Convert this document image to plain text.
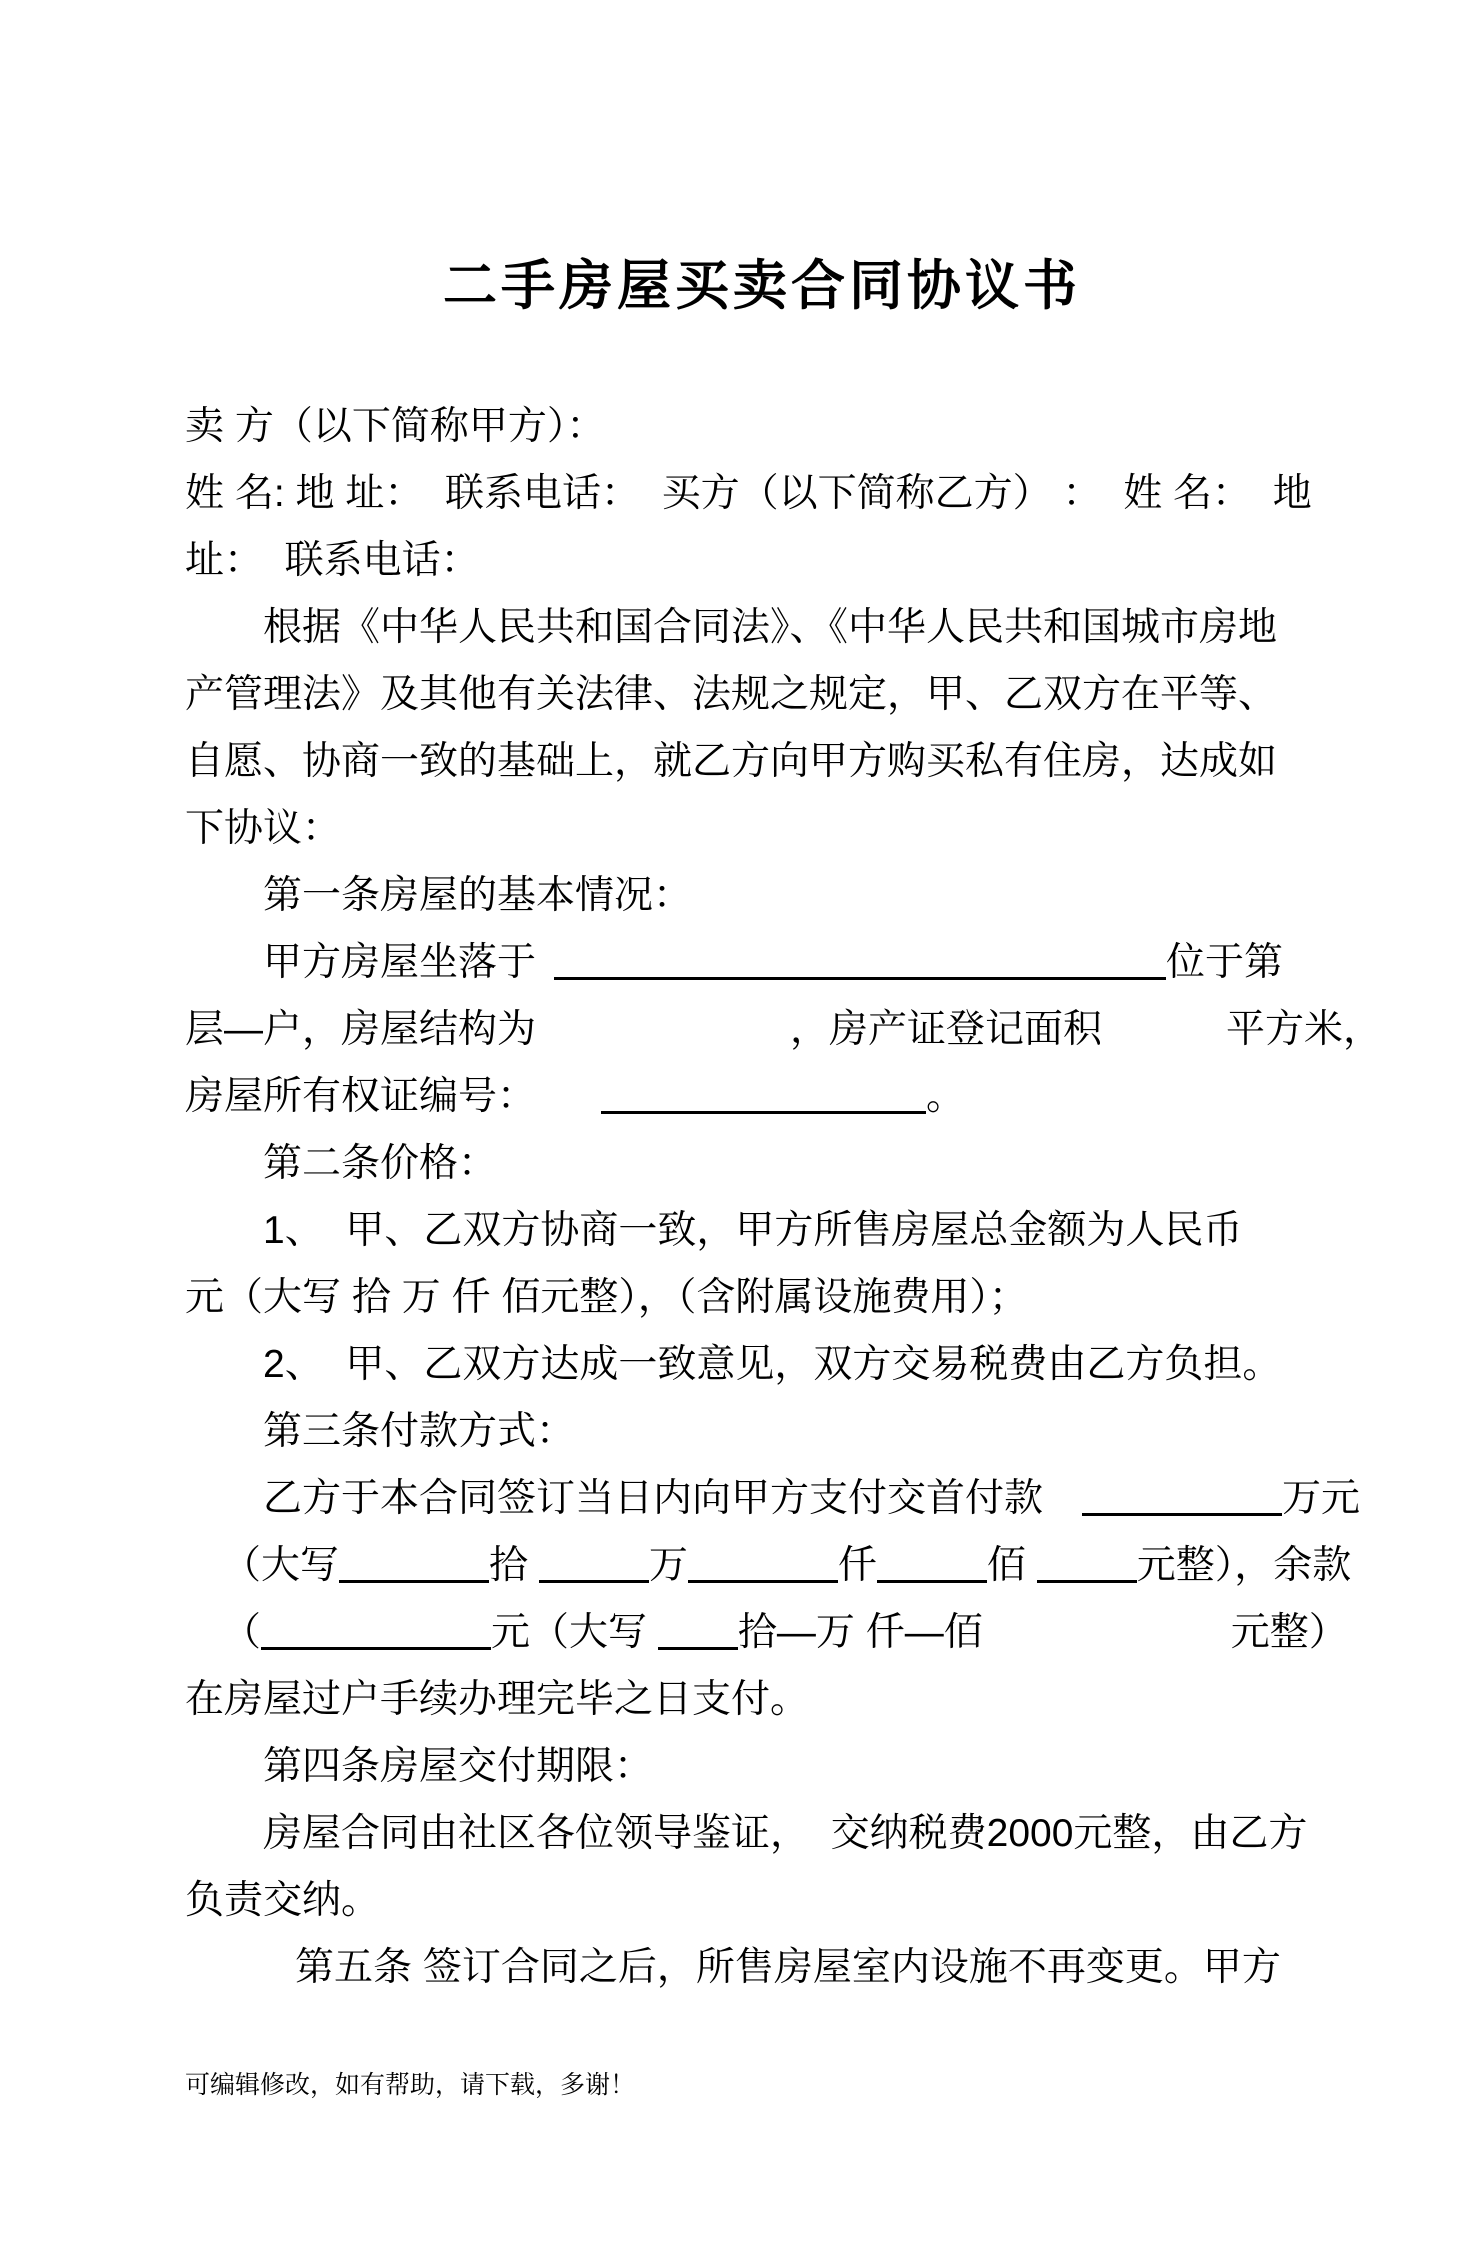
二手房屋买卖合同协议书
卖 方（以下简称甲方）：
姓 名: 地 址：  联系电话：  买方（以下简称乙方） ：  姓 名：  地
址：  联系电话：
根据《中华人民共和国合同法》、《中华人民共和国城市房地
产管理法》及其他有关法律、法规之规定，甲、乙双方在平等、
自愿、协商一致的基础上，就乙方向甲方购买私有住房，达成如
下协议：
第一条房屋的基本情况：
甲方房屋坐落于	位于第
层—户，房屋结构为	，房产证登记面积	平方米，
房屋所有权证编号：	。
第二条价格：
1、  甲、乙双方协商一致，甲方所售房屋总金额为人民币
元（大写 拾 万 仟 佰元整），（含附属设施费用）；
2、  甲、乙双方达成一致意见，双方交易税费由乙方负担。
第三条付款方式：
乙方于本合同签订当日内向甲方支付交首付款	万元
（大写	拾	万	仟	佰	元整），余款
（	元（大写 拾—万 仟—佰	元整）
在房屋过户手续办理完毕之日支付。
第四条房屋交付期限：
房屋合同由社区各位领导鉴证，  交纳税费2000元整，由乙方
负责交纳。
第五条 签订合同之后，所售房屋室内设施不再变更。甲方
可编辑修改，如有帮助，请下载，多谢！
